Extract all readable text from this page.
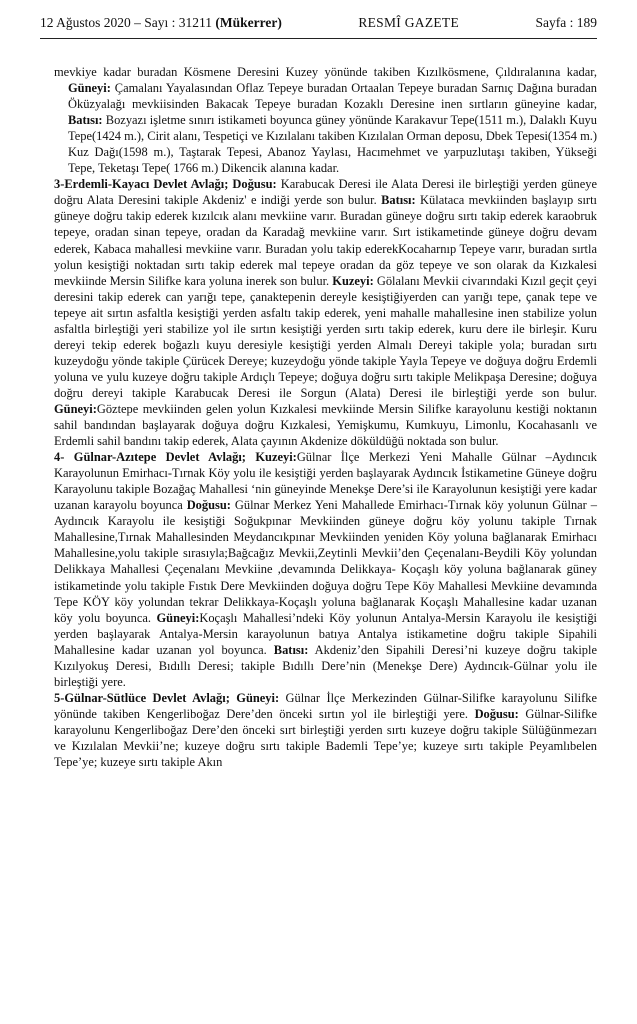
12 Ağustos 2020 – Sayı : 31211 (Mükerrer)	RESMÎ GAZETE	Sayfa : 189

mevkiye kadar buradan Kösmene Deresini Kuzey yönünde takiben Kızılkösmene, Çıldıralanına kadar, Güneyi: Çamalanı Yayalasından Oflaz Tepeye buradan Ortaalan Tepeye buradan Sarnıç Dağına buradan Öküzyalağı mevkiisinden Bakacak Tepeye buradan Kozaklı Deresine inen sırtların güneyine kadar, Batısı: Bozyazı işletme sınırı istikameti boyunca güney yönünde Karakavur Tepe(1511 m.), Dalaklı Kuyu Tepe(1424 m.), Cirit alanı, Tespetiçi ve Kızılalanı takiben Kızılalan Orman deposu, Dbek Tepesi(1354 m.) Kuz Dağı(1598 m.), Taştarak Tepesi, Abanoz Yaylası, Hacımehmet ve yarpuzlutaşı takiben, Yükseği Tepe, Teketaşı Tepe( 1766 m.) Dikencik alanına kadar.

3-Erdemli-Kayacı Devlet Avlağı; Doğusu: Karabucak Deresi ile Alata Deresi ile birleştiği yerden güneye doğru Alata Deresini takiple Akdeniz' e indiği yerde son bulur. Batısı: Külataca mevkiinden başlayıp sırtı güneye doğru takip ederek kızılcık alanı mevkiine varır. Buradan güneye doğru sırtı takip ederek karaobruk tepeye, oradan sinan tepeye, oradan da Karadağ mevkiine varır. Sırt istikametinde güneye doğru devam ederek, Kabaca mahallesi mevkiine varır. Buradan yolu takip ederekKocaharnıp Tepeye varır, buradan sırtla yolun kesiştiği noktadan sırtı takip ederek mal tepeye oradan da göz tepeye ve son olarak da Kızkalesi mevkiinde Mersin Silifke kara yoluna inerek son bulur. Kuzeyi: Gölalanı Mevkii civarındaki Kızıl geçit çeyi deresini takip ederek can yarığı tepe, çanaktepenin dereyle kesiştiğiyerden can yarığı tepe, çanak tepe ve tepeye ait sırtın asfaltla kesiştiği yerden asfaltı takip ederek, yeni mahalle mahallesine inen stabilize yolun asfaltla birleştiği yeri stabilize yol ile sırtın kesiştiği yerden sırtı takip ederek, kuru dere ile birleşir. Kuru dereyi tekip ederek boğazlı kuyu deresiyle kesiştiği yerden Almalı Dereyi takiple yola; buradan sırtı kuzeydoğu yönde takiple Çürücek Dereye; kuzeydoğu yönde takiple Yayla Tepeye ve doğuya doğru Erdemli yoluna ve yulu kuzeye doğru takiple Ardıçlı Tepeye; doğuya doğru sırtı takiple Melikpaşa Deresine; doğuya doğru dereyi takiple Karabucak Deresi ile Sorgun (Alata) Deresi ile birleştiği yerde son bulur. Güneyi:Göztepe mevkiinden gelen yolun Kızkalesi mevkiinde Mersin Silifke karayolunu kestiği noktanın sahil bandından başlayarak doğuya doğru Kızkalesi, Yemişkumu, Kumkuyu, Limonlu, Kocahasanlı ve Erdemli sahil bandını takip ederek, Alata çayının Akdenize döküldüğü noktada son bulur.

4- Gülnar-Azıtepe Devlet Avlağı; Kuzeyi:Gülnar İlçe Merkezi Yeni Mahalle Gülnar –Aydıncık Karayolunun Emirhacı-Tırnak Köy yolu ile kesiştiği yerden başlayarak Aydıncık İstikametine Güneye doğru Karayolunu takiple Bozağaç Mahallesi ‘nin güneyinde Menekşe Dere’si ile Karayolunun kesiştiği yere kadar uzanan karayolu boyunca Doğusu: Gülnar Merkez Yeni Mahallede Emirhacı-Tırnak köy yolunun Gülnar –Aydıncık Karayolu ile kesiştiği Soğukpınar Mevkiinden güneye doğru köy yolunu takiple Tırnak Mahallesine,Tırnak Mahallesinden Meydancıkpınar Mevkiinden yeniden Köy yoluna bağlanarak Emirhacı Mahallesine,yolu takiple sırasıyla;Bağcağız Mevkii,Zeytinli Mevkii’den Çeçenalanı-Beydili Köy yolundan Delikkaya Mahallesi Çeçenalanı Mevkiine ,devamında Delikkaya- Koçaşlı köy yoluna bağlanarak güney istikametinde yolu takiple Fıstık Dere Mevkiinden doğuya doğru Tepe Köy Mahallesi Mevkiine devamında Tepe KÖY köy yolundan tekrar Delikkaya-Koçaşlı yoluna bağlanarak Koçaşlı Mahallesine kadar uzanan köy yolu boyunca. Güneyi:Koçaşlı Mahallesi’ndeki Köy yolunun Antalya-Mersin Karayolu ile kesiştiği yerden başlayarak Antalya-Mersin karayolunun batıya Antalya istikametine doğru takiple Sipahili Mahallesine kadar uzanan yol boyunca. Batısı: Akdeniz’den Sipahili Deresi’ni kuzeye doğru takiple Kızılyokuş Deresi, Bıdıllı Deresi; takiple Bıdıllı Dere’nin (Menekşe Dere) Aydıncık-Gülnar yolu ile birleştiği yere.

5-Gülnar-Sütlüce Devlet Avlağı; Güneyi: Gülnar İlçe Merkezinden Gülnar-Silifke karayolunu Silifke yönünde takiben Kengerliboğaz Dere’den önceki sırtın yol ile birleştiği yere. Doğusu: Gülnar-Silifke karayolunu Kengerliboğaz Dere’den önceki sırt birleştiği yerden sırtı kuzeye doğru takiple Sülüğünmezarı ve Kızılalan Mevkii’ne; kuzeye doğru sırtı takiple Bademli Tepe’ye; kuzeye sırtı takiple Peyamlıbelen Tepe’ye; kuzeye sırtı takiple Akın
